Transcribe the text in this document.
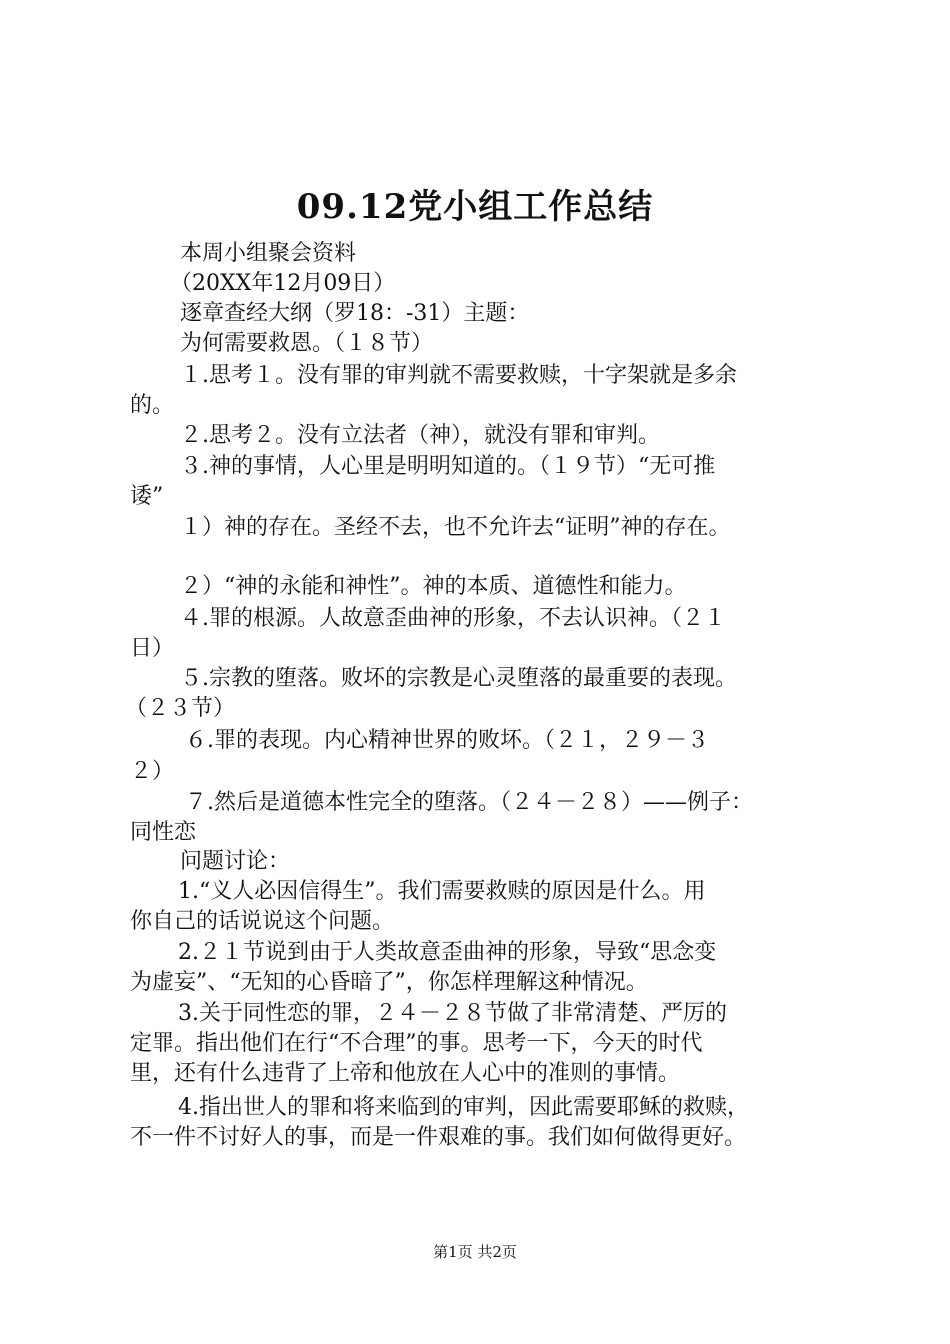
09.12党小组工作总结
本周小组聚会资料
（20XX年12月09日）
逐章查经大纲（罗18：-31）主题：
为何需要救恩。（１８节）
１.思考１。没有罪的审判就不需要救赎，十字架就是多余
的。
２.思考２。没有立法者（神），就没有罪和审判。
３.神的事情，人心里是明明知道的。（１９节）“无可推
诿”
１）神的存在。圣经不去，也不允许去“证明”神的存在。
２）“神的永能和神性”。神的本质、道德性和能力。
４.罪的根源。人故意歪曲神的形象，不去认识神。（２１
日）
５.宗教的堕落。败坏的宗教是心灵堕落的最重要的表现。
（２３节）
６.罪的表现。内心精神世界的败坏。（２１，２９－３
２）
７.然后是道德本性完全的堕落。（２４－２８）——例子：
同性恋
问题讨论：
1.“义人必因信得生”。我们需要救赎的原因是什么。用
你自己的话说说这个问题。
2.２１节说到由于人类故意歪曲神的形象，导致“思念变
为虚妄”、“无知的心昏暗了”，你怎样理解这种情况。
3.关于同性恋的罪，２４－２８节做了非常清楚、严厉的
定罪。指出他们在行“不合理”的事。思考一下，今天的时代
里，还有什么违背了上帝和他放在人心中的准则的事情。
4.指出世人的罪和将来临到的审判，因此需要耶稣的救赎，
不一件不讨好人的事，而是一件艰难的事。我们如何做得更好。
第1页 共2页
